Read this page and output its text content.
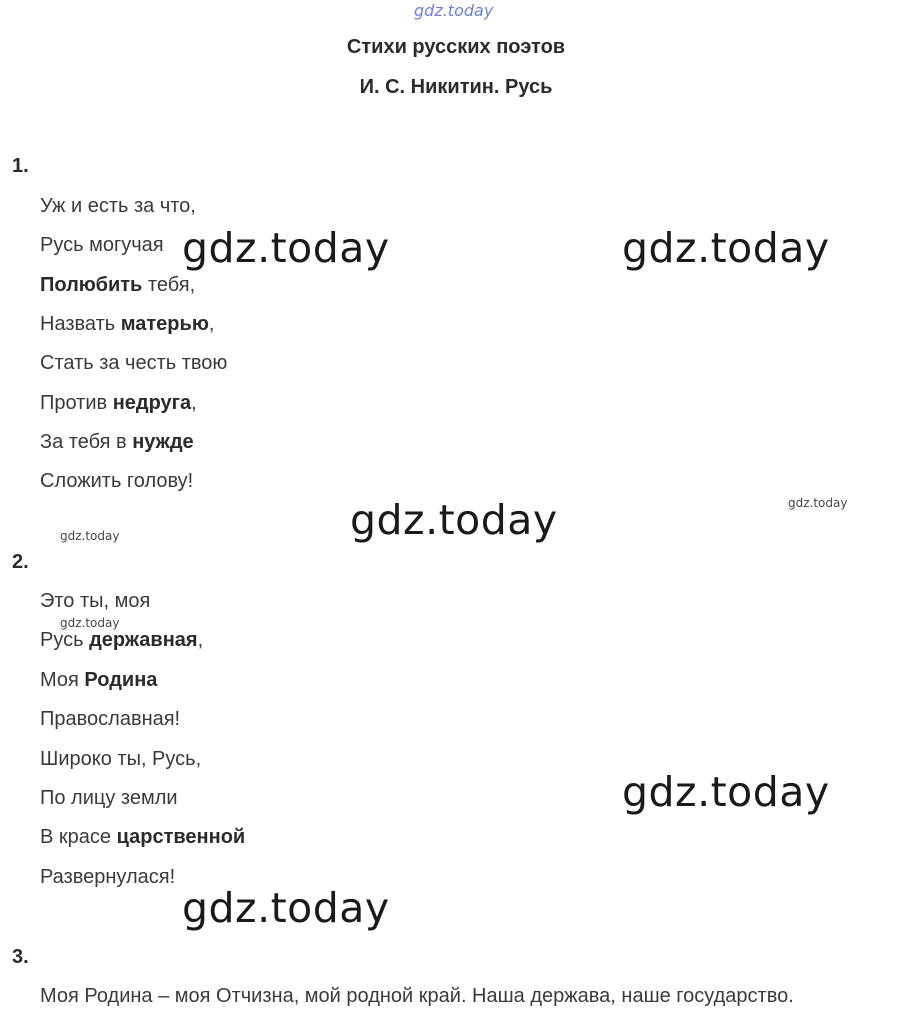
Стихи русских поэтов
И. С. Никитин. Русь
1.
2.
3.
Уж и есть за что,
Русь могучая
Полюбить тебя,
Назвать матерью,
Стать за честь твою
Против недруга,
За тебя в нужде
Сложить голову!
Это ты, моя
Русь державная,
Моя Родина
Православная!
Широко ты, Русь,
По лицу земли
В красе царственной
Развернулася!
Моя Родина – моя Отчизна, мой родной край. Наша держава, наше государство.
gdz.today
gdz.today	gdz.today
gdz.today	gdz.today
gdz.today
gdz.today
gdz.today
gdz.today
